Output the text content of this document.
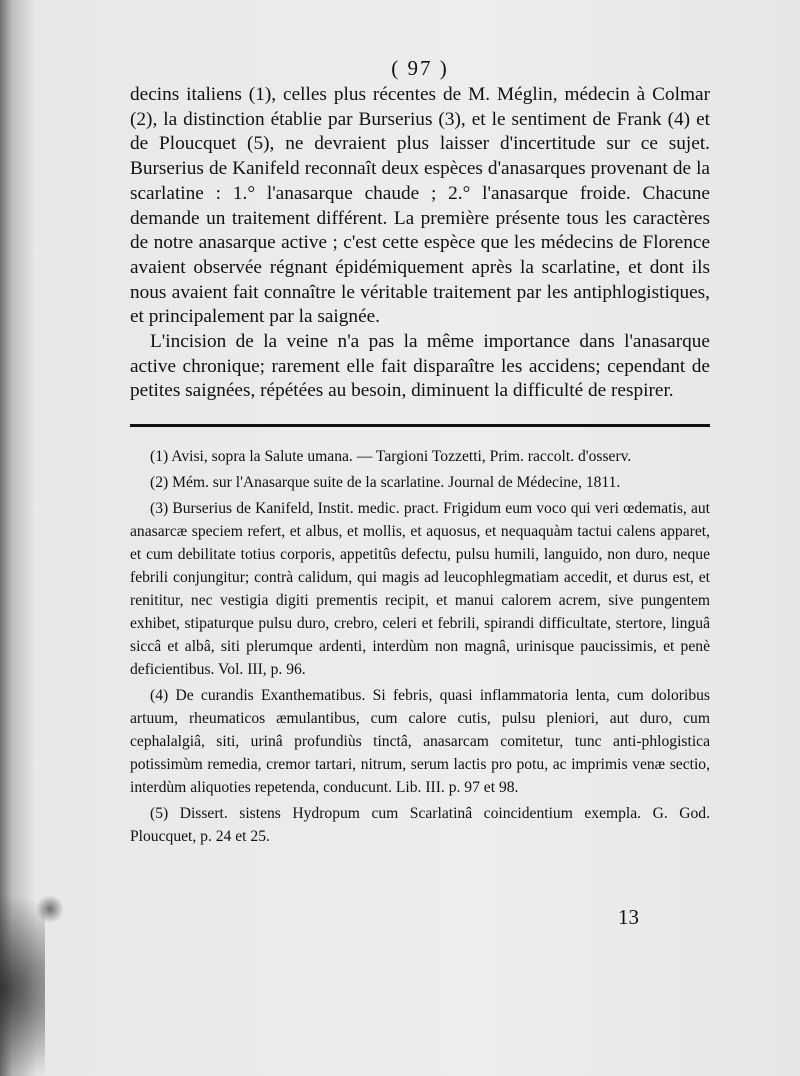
( 97 )

decins italiens (1), celles plus récentes de M. Méglin, médecin à Colmar (2), la distinction établie par Burserius (3), et le sentiment de Frank (4) et de Ploucquet (5), ne devraient plus laisser d'incertitude sur ce sujet. Burserius de Kanifeld reconnaît deux espèces d'anasarques provenant de la scarlatine : 1.° l'anasarque chaude ; 2.° l'anasarque froide. Chacune demande un traitement différent. La première présente tous les caractères de notre anasarque active ; c'est cette espèce que les médecins de Florence avaient observée régnant épidémiquement après la scarlatine, et dont ils nous avaient fait connaître le véritable traitement par les antiphlogistiques, et principalement par la saignée.

L'incision de la veine n'a pas la même importance dans l'anasarque active chronique; rarement elle fait disparaître les accidens; cependant de petites saignées, répétées au besoin, diminuent la difficulté de respirer.

(1) Avisi, sopra la Salute umana. — Targioni Tozzetti, Prim. raccolt. d'osserv.

(2) Mém. sur l'Anasarque suite de la scarlatine. Journal de Médecine, 1811.

(3) Burserius de Kanifeld, Instit. medic. pract. Frigidum eum voco qui veri œdematis, aut anasarcæ speciem refert, et albus, et mollis, et aquosus, et nequaquàm tactui calens apparet, et cum debilitate totius corporis, appetitûs defectu, pulsu humili, languido, non duro, neque febrili conjungitur; contrà calidum, qui magis ad leucophlegmatiam accedit, et durus est, et renititur, nec vestigia digiti prementis recipit, et manui calorem acrem, sive pungentem exhibet, stipaturque pulsu duro, crebro, celeri et febrili, spirandi difficultate, stertore, linguâ siccâ et albâ, siti plerumque ardenti, interdùm non magnâ, urinisque paucissimis, et penè deficientibus. Vol. III, p. 96.

(4) De curandis Exanthematibus. Si febris, quasi inflammatoria lenta, cum doloribus artuum, rheumaticos æmulantibus, cum calore cutis, pulsu pleniori, aut duro, cum cephalalgiâ, siti, urinâ profundiùs tinctâ, anasarcam comitetur, tunc anti-phlogistica potissimùm remedia, cremor tartari, nitrum, serum lactis pro potu, ac imprimis venæ sectio, interdùm aliquoties repetenda, conducunt. Lib. III. p. 97 et 98.

(5) Dissert. sistens Hydropum cum Scarlatinâ coincidentium exempla. G. God. Ploucquet, p. 24 et 25.

13
